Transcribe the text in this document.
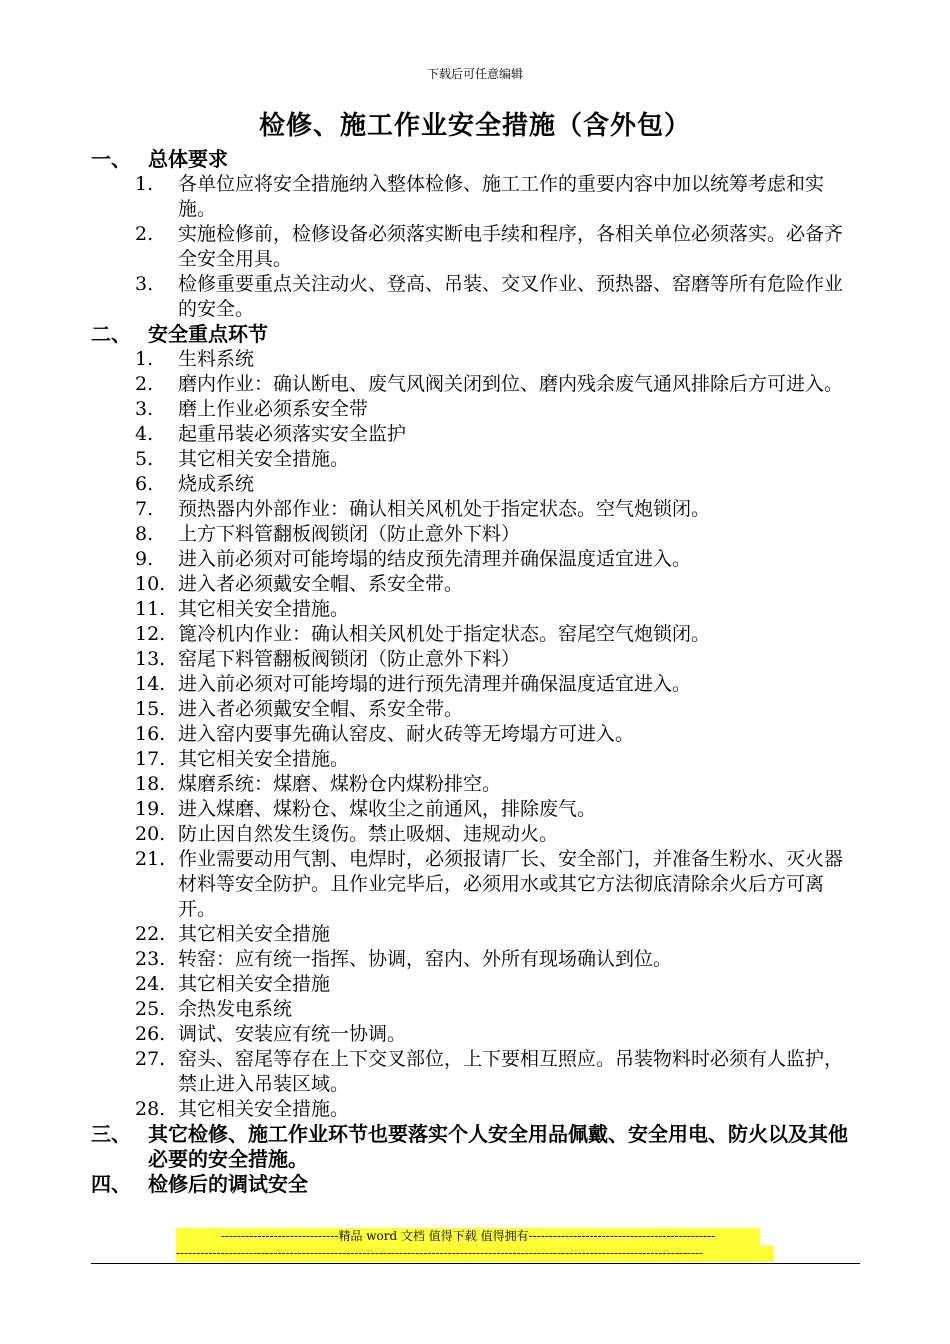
下载后可任意编辑
检修、施工作业安全措施（含外包）
一、 总体要求
1.	各单位应将安全措施纳入整体检修、施工工作的重要内容中加以统筹考虑和实施。
2.	实施检修前，检修设备必须落实断电手续和程序，各相关单位必须落实。必备齐全安全用具。
3.	检修重要重点关注动火、登高、吊装、交叉作业、预热器、窑磨等所有危险作业的安全。
二、 安全重点环节
1.	生料系统
2.	磨内作业：确认断电、废气风阀关闭到位、磨内残余废气通风排除后方可进入。
3.	磨上作业必须系安全带
4.	起重吊装必须落实安全监护
5.	其它相关安全措施。
6.	烧成系统
7.	预热器内外部作业：确认相关风机处于指定状态。空气炮锁闭。
8.	上方下料管翻板阀锁闭（防止意外下料）
9.	进入前必须对可能垮塌的结皮预先清理并确保温度适宜进入。
10. 进入者必须戴安全帽、系安全带。
11. 其它相关安全措施。
12. 篦冷机内作业：确认相关风机处于指定状态。窑尾空气炮锁闭。
13. 窑尾下料管翻板阀锁闭（防止意外下料）
14. 进入前必须对可能垮塌的进行预先清理并确保温度适宜进入。
15. 进入者必须戴安全帽、系安全带。
16. 进入窑内要事先确认窑皮、耐火砖等无垮塌方可进入。
17. 其它相关安全措施。
18. 煤磨系统：煤磨、煤粉仓内煤粉排空。
19. 进入煤磨、煤粉仓、煤收尘之前通风，排除废气。
20. 防止因自然发生烫伤。禁止吸烟、违规动火。
21. 作业需要动用气割、电焊时，必须报请厂长、安全部门，并准备生粉水、灭火器材料等安全防护。且作业完毕后，必须用水或其它方法彻底清除余火后方可离开。
22. 其它相关安全措施
23. 转窑：应有统一指挥、协调，窑内、外所有现场确认到位。
24. 其它相关安全措施
25. 余热发电系统
26. 调试、安装应有统一协调。
27. 窑头、窑尾等存在上下交叉部位，上下要相互照应。吊装物料时必须有人监护，禁止进入吊装区域。
28. 其它相关安全措施。
三、 其它检修、施工作业环节也要落实个人安全用品佩戴、安全用电、防火以及其他必要的安全措施。
四、 检修后的调试安全
-----------------------------精品 word 文档 值得下载 值得拥有----------------------------------------------
----------------------------------------------------------------------------------------------------------------------------------
